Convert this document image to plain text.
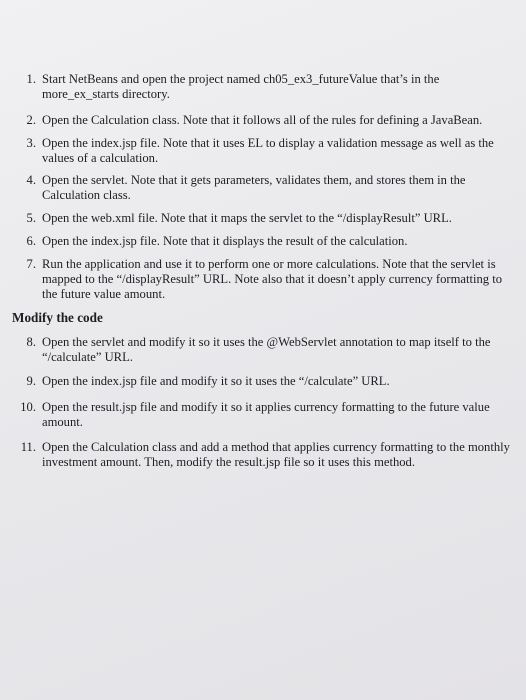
1. Start NetBeans and open the project named ch05_ex3_futureValue that’s in the more_ex_starts directory.
2. Open the Calculation class. Note that it follows all of the rules for defining a JavaBean.
3. Open the index.jsp file. Note that it uses EL to display a validation message as well as the values of a calculation.
4. Open the servlet. Note that it gets parameters, validates them, and stores them in the Calculation class.
5. Open the web.xml file. Note that it maps the servlet to the “/displayResult” URL.
6. Open the index.jsp file. Note that it displays the result of the calculation.
7. Run the application and use it to perform one or more calculations. Note that the servlet is mapped to the “/displayResult” URL. Note also that it doesn’t apply currency formatting to the future value amount.
Modify the code
8. Open the servlet and modify it so it uses the @WebServlet annotation to map itself to the “/calculate” URL.
9. Open the index.jsp file and modify it so it uses the “/calculate” URL.
10. Open the result.jsp file and modify it so it applies currency formatting to the future value amount.
11. Open the Calculation class and add a method that applies currency formatting to the monthly investment amount. Then, modify the result.jsp file so it uses this method.
